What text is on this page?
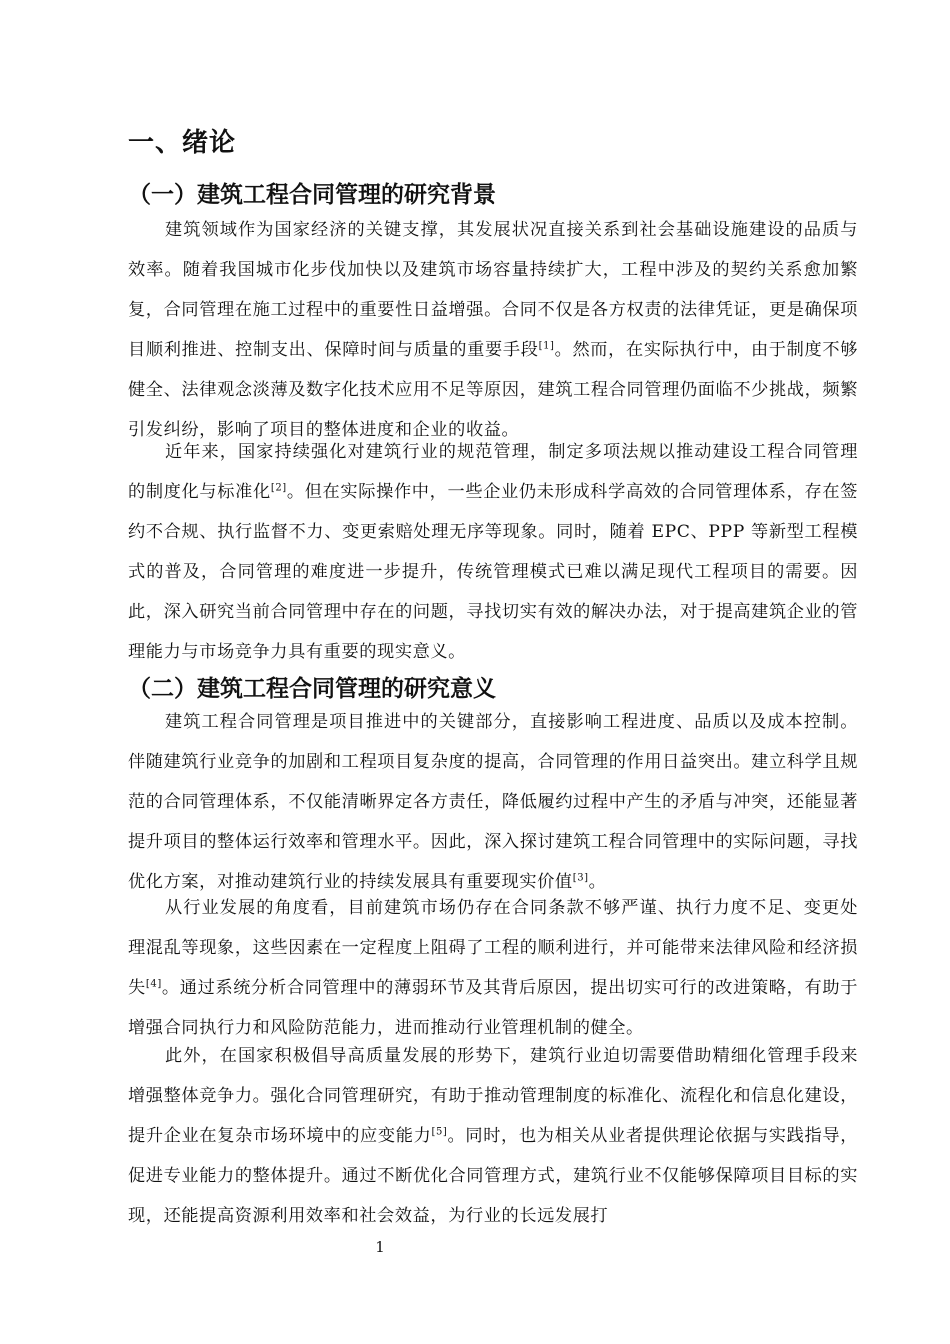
一、绪论
（一）建筑工程合同管理的研究背景

建筑领域作为国家经济的关键支撑，其发展状况直接关系到社会基础设施建设的品质与效率。随着我国城市化步伐加快以及建筑市场容量持续扩大，工程中涉及的契约关系愈加繁复，合同管理在施工过程中的重要性日益增强。合同不仅是各方权责的法律凭证，更是确保项目顺利推进、控制支出、保障时间与质量的重要手段[1]。然而，在实际执行中，由于制度不够健全、法律观念淡薄及数字化技术应用不足等原因，建筑工程合同管理仍面临不少挑战，频繁引发纠纷，影响了项目的整体进度和企业的收益。

近年来，国家持续强化对建筑行业的规范管理，制定多项法规以推动建设工程合同管理的制度化与标准化[2]。但在实际操作中，一些企业仍未形成科学高效的合同管理体系，存在签约不合规、执行监督不力、变更索赔处理无序等现象。同时，随着 EPC、PPP 等新型工程模式的普及，合同管理的难度进一步提升，传统管理模式已难以满足现代工程项目的需要。因此，深入研究当前合同管理中存在的问题，寻找切实有效的解决办法，对于提高建筑企业的管理能力与市场竞争力具有重要的现实意义。

（二）建筑工程合同管理的研究意义

建筑工程合同管理是项目推进中的关键部分，直接影响工程进度、品质以及成本控制。伴随建筑行业竞争的加剧和工程项目复杂度的提高，合同管理的作用日益突出。建立科学且规范的合同管理体系，不仅能清晰界定各方责任，降低履约过程中产生的矛盾与冲突，还能显著提升项目的整体运行效率和管理水平。因此，深入探讨建筑工程合同管理中的实际问题，寻找优化方案，对推动建筑行业的持续发展具有重要现实价值[3]。

从行业发展的角度看，目前建筑市场仍存在合同条款不够严谨、执行力度不足、变更处理混乱等现象，这些因素在一定程度上阻碍了工程的顺利进行，并可能带来法律风险和经济损失[4]。通过系统分析合同管理中的薄弱环节及其背后原因，提出切实可行的改进策略，有助于增强合同执行力和风险防范能力，进而推动行业管理机制的健全。

此外，在国家积极倡导高质量发展的形势下，建筑行业迫切需要借助精细化管理手段来增强整体竞争力。强化合同管理研究，有助于推动管理制度的标准化、流程化和信息化建设，提升企业在复杂市场环境中的应变能力[5]。同时，也为相关从业者提供理论依据与实践指导，促进专业能力的整体提升。通过不断优化合同管理方式，建筑行业不仅能够保障项目目标的实现，还能提高资源利用效率和社会效益，为行业的长远发展打

1
